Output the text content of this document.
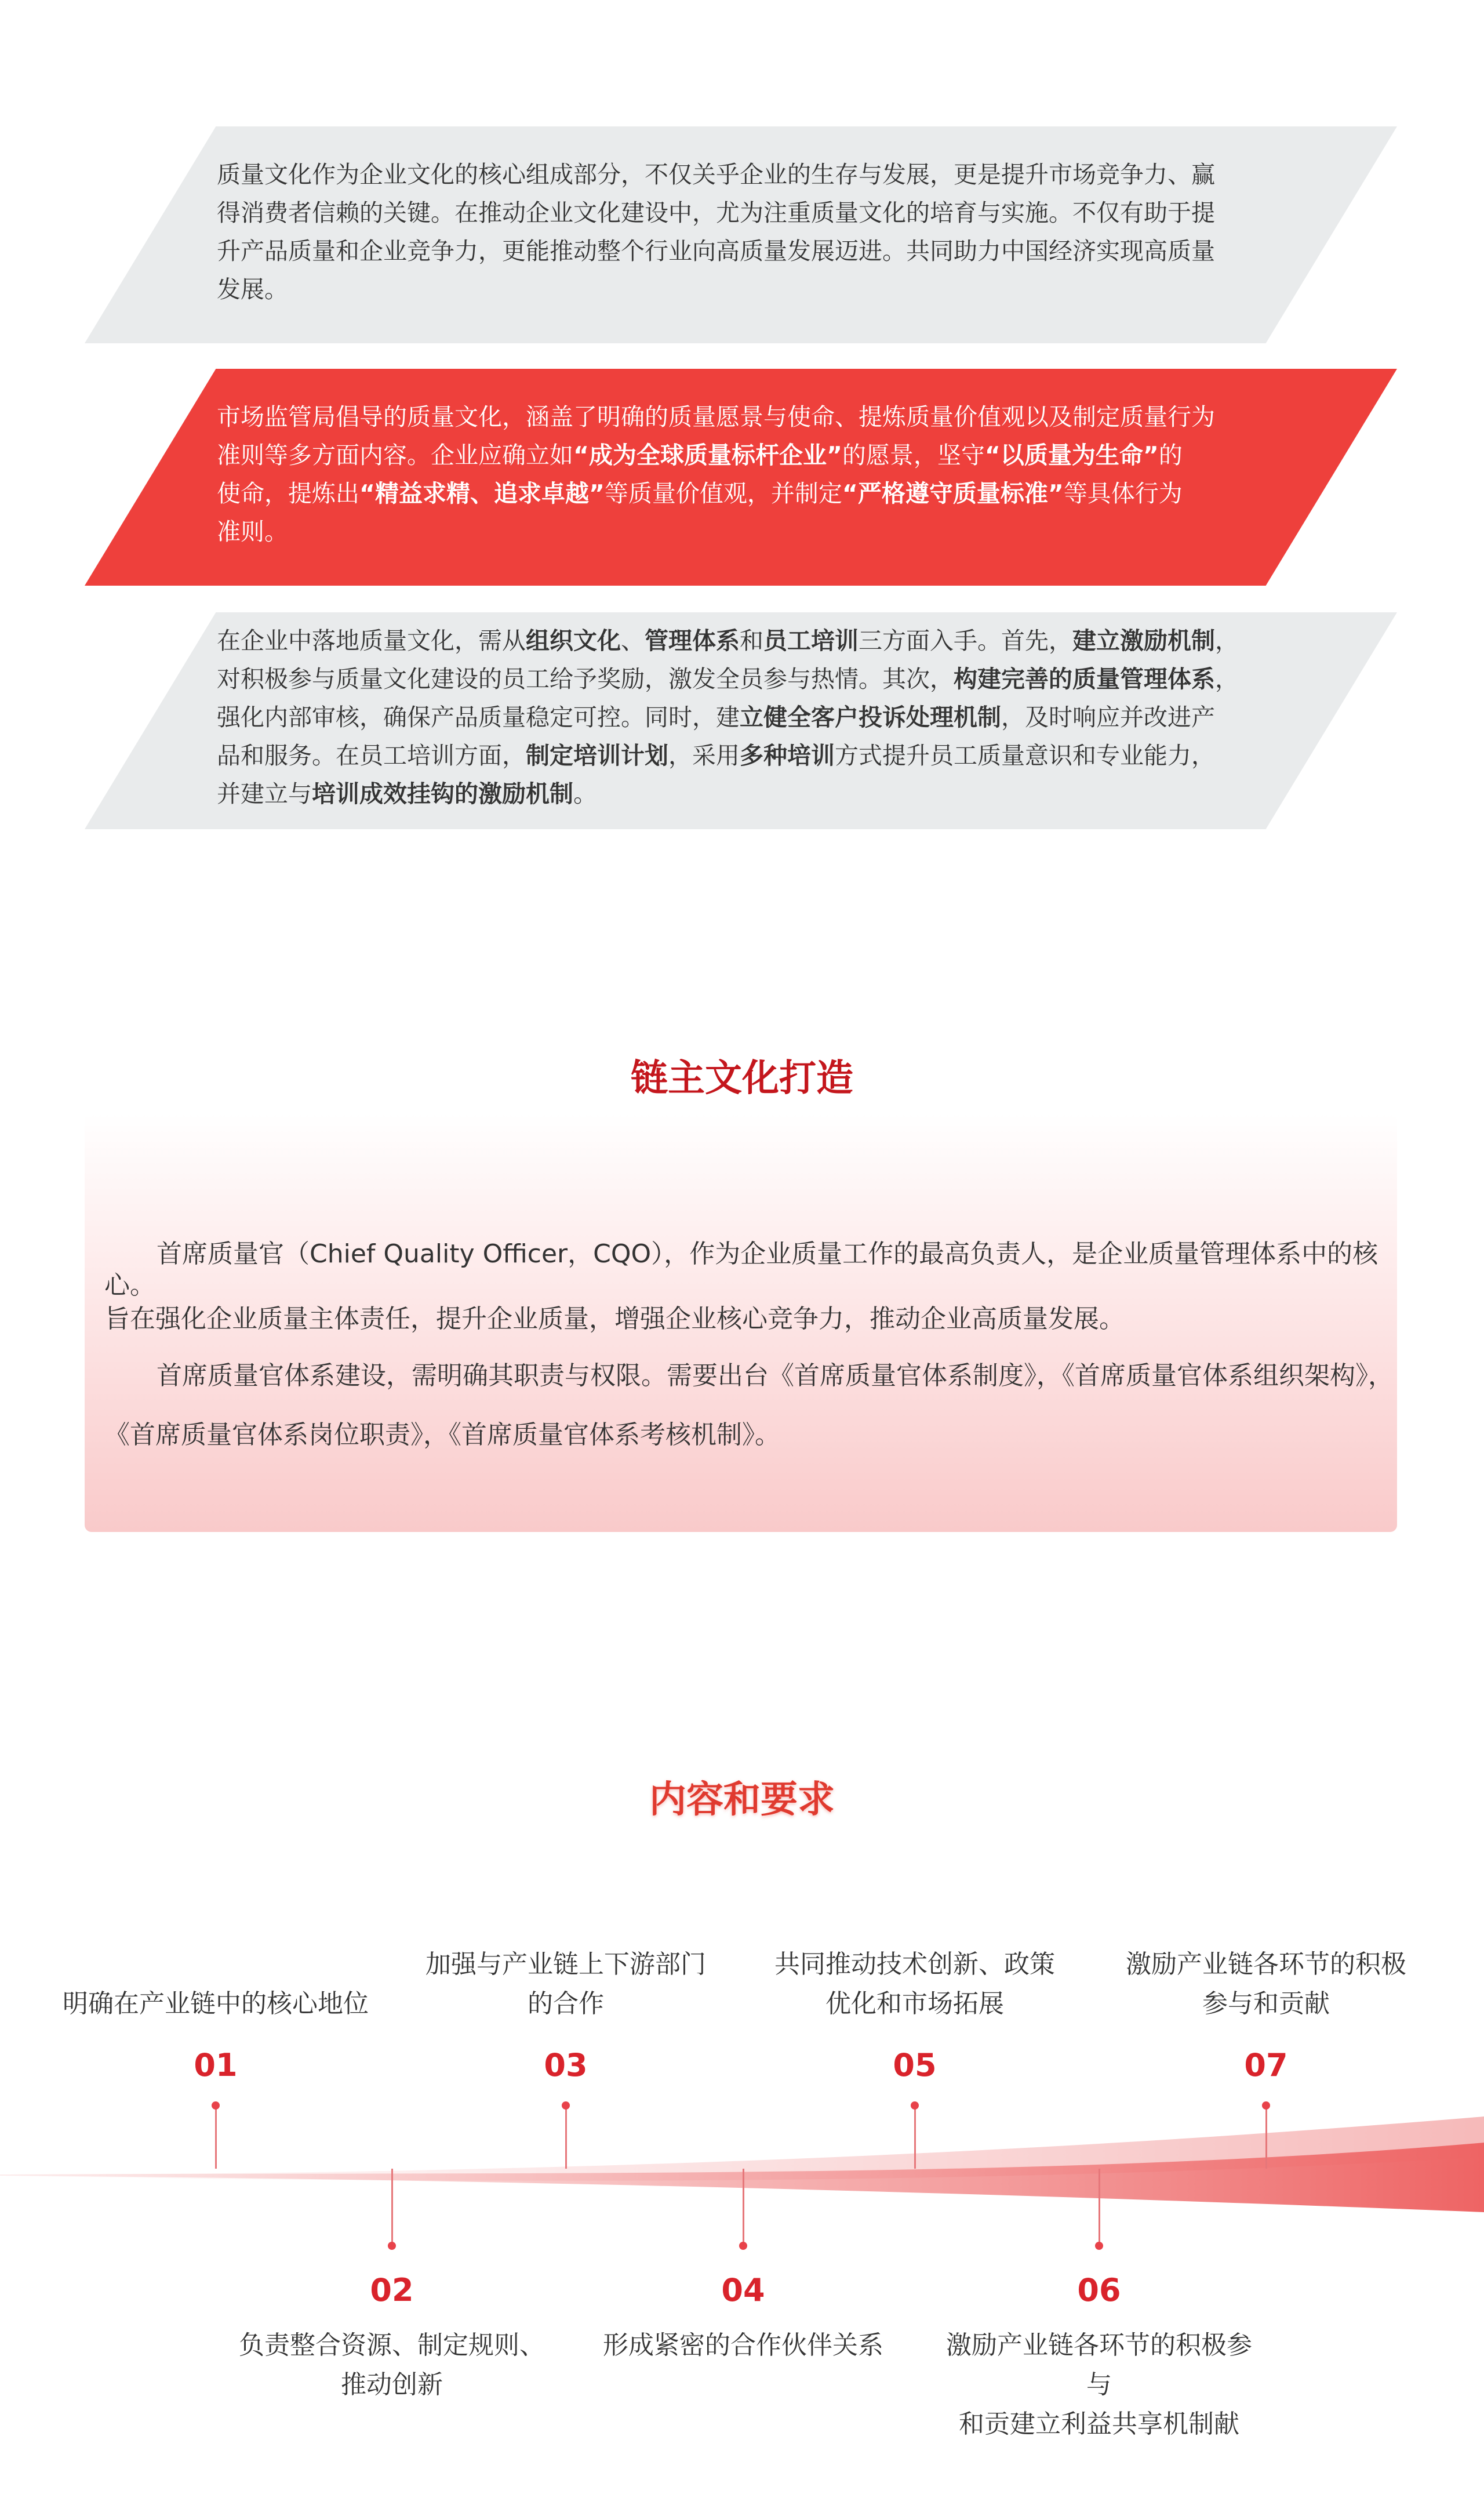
质量文化作为企业文化的核心组成部分，不仅关乎企业的生存与发展，更是提升市场竞争力、赢
得消费者信赖的关键。在推动企业文化建设中，尤为注重质量文化的培育与实施。不仅有助于提
升产品质量和企业竞争力，更能推动整个行业向高质量发展迈进。共同助力中国经济实现高质量
发展。
市场监管局倡导的质量文化，涵盖了明确的质量愿景与使命、提炼质量价值观以及制定质量行为
准则等多方面内容。企业应确立如“成为全球质量标杆企业”的愿景，坚守“以质量为生命”的
使命，提炼出“精益求精、追求卓越”等质量价值观，并制定“严格遵守质量标准”等具体行为
准则。
在企业中落地质量文化，需从组织文化、管理体系和员工培训三方面入手。首先，建立激励机制，
对积极参与质量文化建设的员工给予奖励，激发全员参与热情。其次，构建完善的质量管理体系，
强化内部审核，确保产品质量稳定可控。同时，建立健全客户投诉处理机制，及时响应并改进产
品和服务。在员工培训方面，制定培训计划，采用多种培训方式提升员工质量意识和专业能力，
并建立与培训成效挂钩的激励机制。
链主文化打造

首席质量官（Chief Quality Officer，CQO），作为企业质量工作的最高负责人，是企业质量管理体系中的核心。

旨在强化企业质量主体责任，提升企业质量，增强企业核心竞争力，推动企业高质量发展。

首席质量官体系建设，需明确其职责与权限。需要出台《首席质量官体系制度》，《首席质量官体系组织架构》，

《首席质量官体系岗位职责》，《首席质量官体系考核机制》。

内容和要求
明确在产业链中的核心地位
01
02
负责整合资源、制定规则、
推动创新
加强与产业链上下游部门
的合作
03
04
形成紧密的合作伙伴关系
共同推动技术创新、政策
优化和市场拓展
05
06
激励产业链各环节的积极参与
和贡建立利益共享机制献
激励产业链各环节的积极
参与和贡献
07
